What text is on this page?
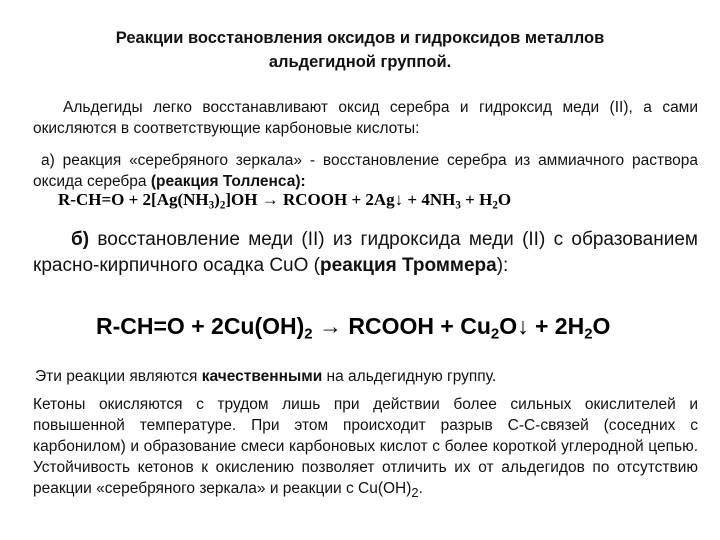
Реакции восстановления оксидов и гидроксидов металлов
альдегидной группой.

Альдегиды легко восстанавливают оксид серебра и гидроксид меди (II), а сами окисляются в соответствующие карбоновые кислоты:

а) реакция «серебряного зеркала» - восстановление серебра из аммиачного раствора оксида серебра (реакция Толленса):

$R-CH=O + 2[Ag(NH_3)_2]OH$ → RCOOH + 2Ag↓ + $4NH_3 + H_2O$

б) восстановление меди (II) из гидроксида меди (II) с образованием красно-кирпичного осадка CuO (реакция Троммера):

$R-CH=O + 2Cu(OH)_2$ → RCOOH + $Cu_2O↓ + 2H_2O$

Эти реакции являются качественными на альдегидную группу.

Кетоны окисляются с трудом лишь при действии более сильных окислителей и повышенной температуре. При этом происходит разрыв С-С-связей (соседних с карбонилом) и образование смеси карбоновых кислот с более короткой углеродной цепью. Устойчивость кетонов к окислению позволяет отличить их от альдегидов по отсутствию реакции «серебряного зеркала» и реакции с $Cu(OH)_2$.
